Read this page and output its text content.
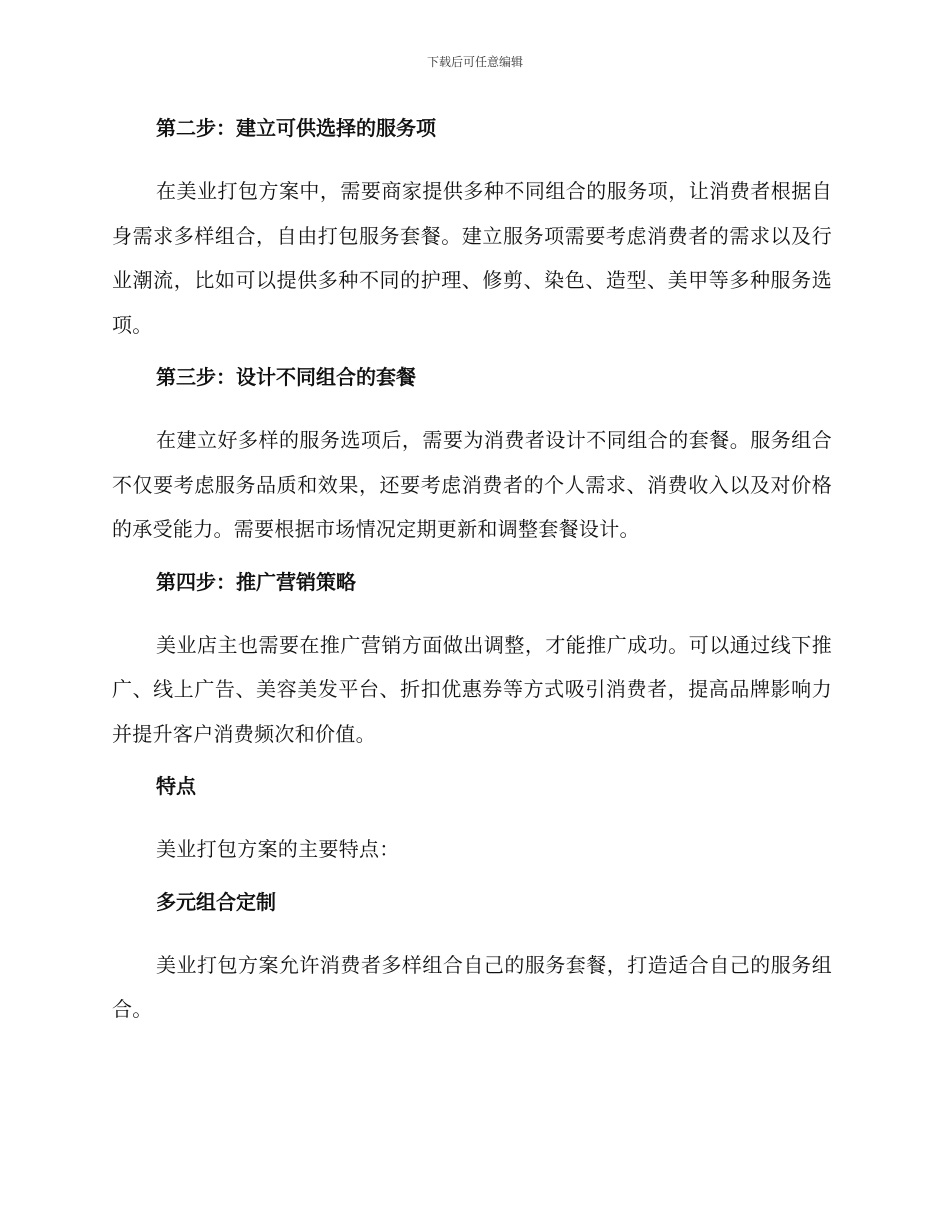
下载后可任意编辑
第二步：建立可供选择的服务项

在美业打包方案中，需要商家提供多种不同组合的服务项，让消费者根据自身需求多样组合，自由打包服务套餐。建立服务项需要考虑消费者的需求以及行业潮流，比如可以提供多种不同的护理、修剪、染色、造型、美甲等多种服务选项。

第三步：设计不同组合的套餐

在建立好多样的服务选项后，需要为消费者设计不同组合的套餐。服务组合不仅要考虑服务品质和效果，还要考虑消费者的个人需求、消费收入以及对价格的承受能力。需要根据市场情况定期更新和调整套餐设计。

第四步：推广营销策略

美业店主也需要在推广营销方面做出调整，才能推广成功。可以通过线下推广、线上广告、美容美发平台、折扣优惠券等方式吸引消费者，提高品牌影响力并提升客户消费频次和价值。

特点

美业打包方案的主要特点：

多元组合定制

美业打包方案允许消费者多样组合自己的服务套餐，打造适合自己的服务组合。
